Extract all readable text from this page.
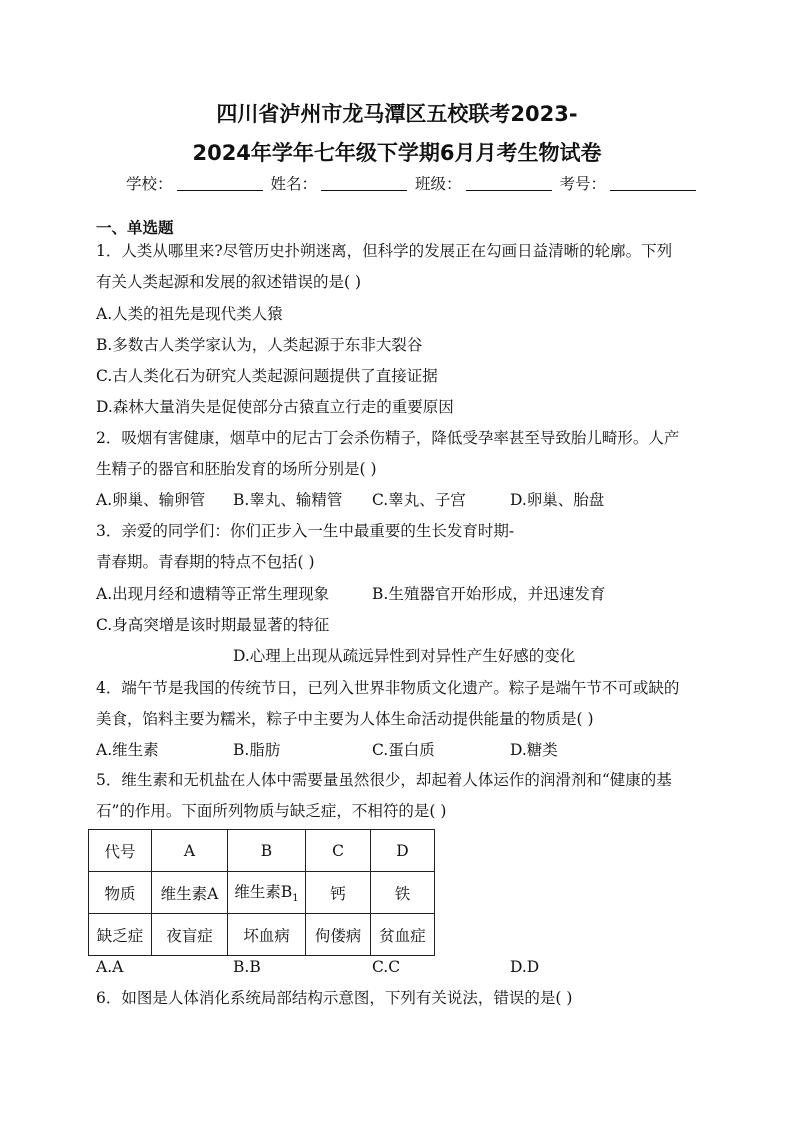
四川省泸州市龙马潭区五校联考2023-
2024年学年七年级下学期6月月考生物试卷
学校：	姓名：	班级：	考号：
一、单选题
1．人类从哪里来?尽管历史扑朔迷离，但科学的发展正在勾画日益清晰的轮廓。下列
有关人类起源和发展的叙述错误的是( )
A.人类的祖先是现代类人猿
B.多数古人类学家认为，人类起源于东非大裂谷
C.古人类化石为研究人类起源问题提供了直接证据
D.森林大量消失是促使部分古猿直立行走的重要原因
2．吸烟有害健康，烟草中的尼古丁会杀伤精子，降低受孕率甚至导致胎儿畸形。人产
生精子的器官和胚胎发育的场所分别是( )
A.卵巢、输卵管 B.睾丸、输精管 C.睾丸、子宫	D.卵巢、胎盘
3．亲爱的同学们：你们正步入一生中最重要的生长发育时期-
青春期。青春期的特点不包括( )
A.出现月经和遗精等正常生理现象	B.生殖器官开始形成，并迅速发育
C.身高突增是该时期最显著的特征
D.心理上出现从疏远异性到对异性产生好感的变化
4．端午节是我国的传统节日，已列入世界非物质文化遗产。粽子是端午节不可或缺的
美食，馅料主要为糯米，粽子中主要为人体生命活动提供能量的物质是( )
A.维生素	B.脂肪	C.蛋白质	D.糖类
5．维生素和无机盐在人体中需要量虽然很少，却起着人体运作的润滑剂和“健康的基
石”的作用。下面所列物质与缺乏症，不相符的是( )
代号	A	B	C	D
物质	维生素A	维生素$B_1$	钙	铁
缺乏症	夜盲症	坏血病	佝偻病	贫血症
A.A	B.B	C.C	D.D
6．如图是人体消化系统局部结构示意图，下列有关说法，错误的是( )
